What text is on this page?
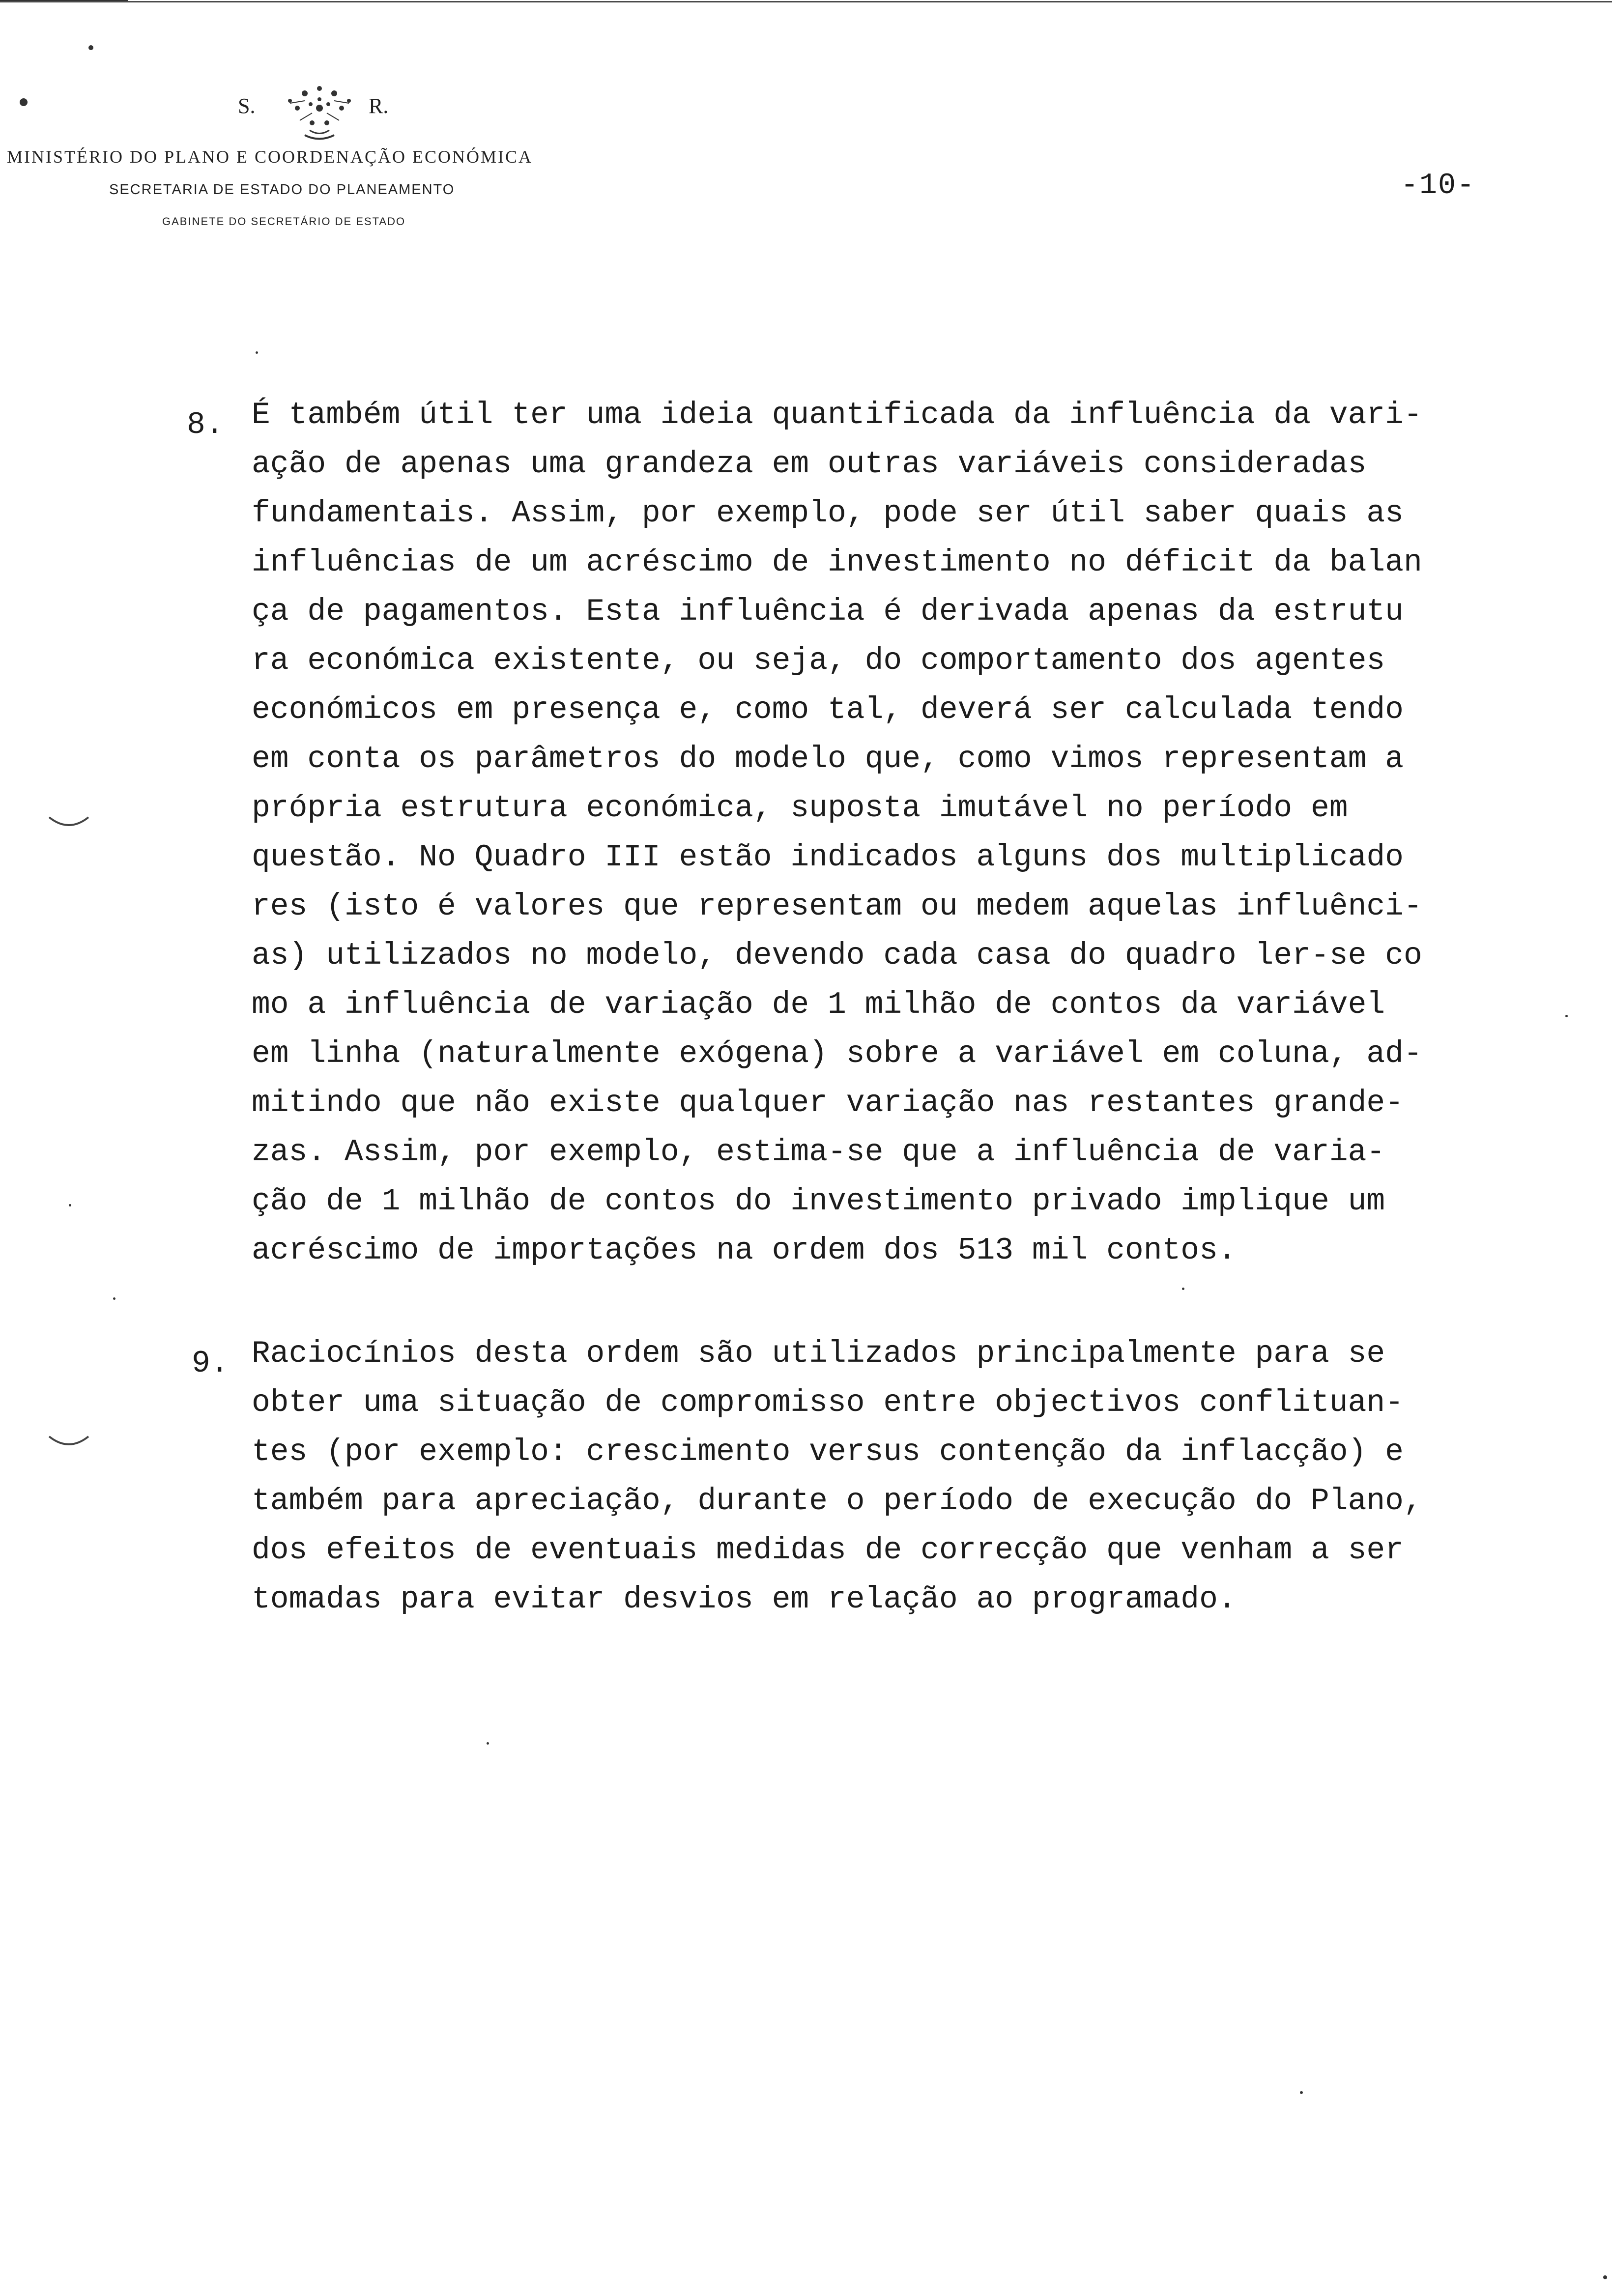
S.	R.
MINISTÉRIO DO PLANO E COORDENAÇÃO ECONÓMICA
SECRETARIA DE ESTADO DO PLANEAMENTO
GABINETE DO SECRETÁRIO DE ESTADO
-10-
8. É também útil ter uma ideia quantificada da influência da vari-
ação de apenas uma grandeza em outras variáveis consideradas
fundamentais. Assim, por exemplo, pode ser útil saber quais as
influências de um acréscimo de investimento no déficit da balan
ça de pagamentos. Esta influência é derivada apenas da estrutu
ra económica existente, ou seja, do comportamento dos agentes
económicos em presença e, como tal, deverá ser calculada tendo
em conta os parâmetros do modelo que, como vimos representam a
própria estrutura económica, suposta imutável no período em
questão. No Quadro III estão indicados alguns dos multiplicado
res (isto é valores que representam ou medem aquelas influênci-
as) utilizados no modelo, devendo cada casa do quadro ler-se co
mo a influência de variação de 1 milhão de contos da variável
em linha (naturalmente exógena) sobre a variável em coluna, ad-
mitindo que não existe qualquer variação nas restantes grande-
zas. Assim, por exemplo, estima-se que a influência de varia-
ção de 1 milhão de contos do investimento privado implique um
acréscimo de importações na ordem dos 513 mil contos.
9. Raciocínios desta ordem são utilizados principalmente para se
obter uma situação de compromisso entre objectivos conflituan-
tes (por exemplo: crescimento versus contenção da inflacção) e
também para apreciação, durante o período de execução do Plano,
dos efeitos de eventuais medidas de correcção que venham a ser
tomadas para evitar desvios em relação ao programado.
